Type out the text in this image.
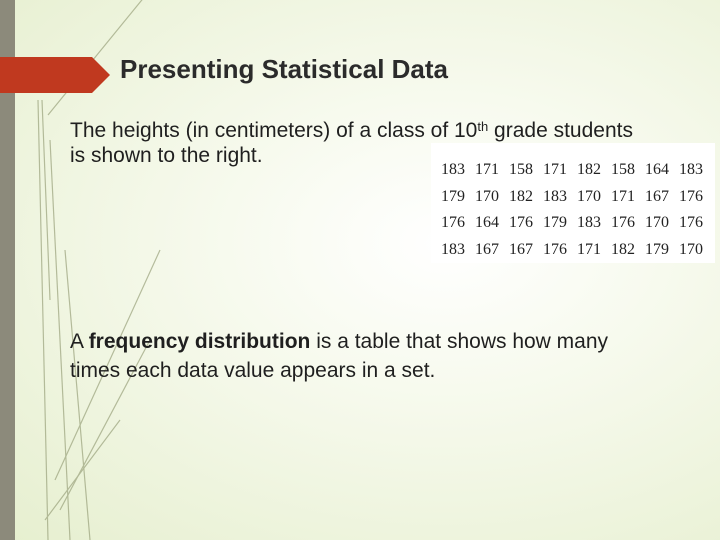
Presenting Statistical Data
The heights (in centimeters) of a class of 10th grade students is shown to the right.
183	171	158	171	182	158	164	183
179	170	182	183	170	171	167	176
176	164	176	179	183	176	170	176
183	167	167	176	171	182	179	170
A frequency distribution is a table that shows how many times each data value appears in a set.
